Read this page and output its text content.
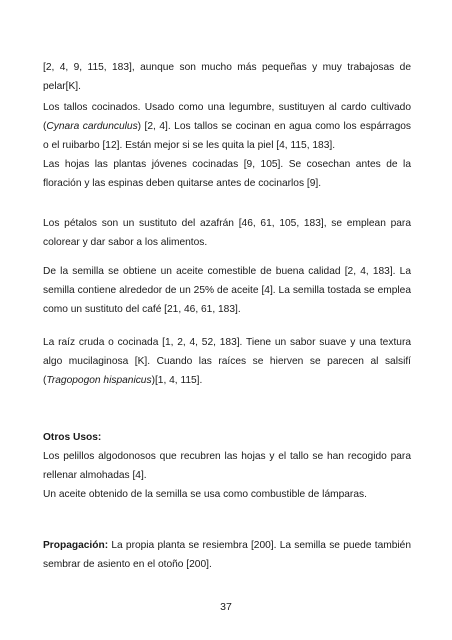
[2, 4, 9, 115, 183], aunque son mucho más pequeñas y muy trabajosas de pelar[K].

Los tallos cocinados. Usado como una legumbre, sustituyen al cardo cultivado (Cynara cardunculus) [2, 4]. Los tallos se cocinan en agua como los espárragos o el ruibarbo [12]. Están mejor si se les quita la piel [4, 115, 183].

Las hojas las plantas jóvenes cocinadas [9, 105]. Se cosechan antes de la floración y las espinas deben quitarse antes de cocinarlos [9].

Los pétalos son un sustituto del azafrán [46, 61, 105, 183], se emplean para colorear y dar sabor a los alimentos.

De la semilla se obtiene un aceite comestible de buena calidad [2, 4, 183]. La semilla contiene alrededor de un 25% de aceite [4]. La semilla tostada se emplea como un sustituto del café [21, 46, 61, 183].

La raíz cruda o cocinada [1, 2, 4, 52, 183]. Tiene un sabor suave y una textura algo mucilaginosa [K]. Cuando las raíces se hierven se parecen al salsifí (Tragopogon hispanicus)[1, 4, 115].

Otros Usos:

Los pelillos algodonosos que recubren las hojas y el tallo se han recogido para rellenar almohadas [4].

Un aceite obtenido de la semilla se usa como combustible de lámparas.

Propagación: La propia planta se resiembra [200]. La semilla se puede también sembrar de asiento en el otoño [200].

37
